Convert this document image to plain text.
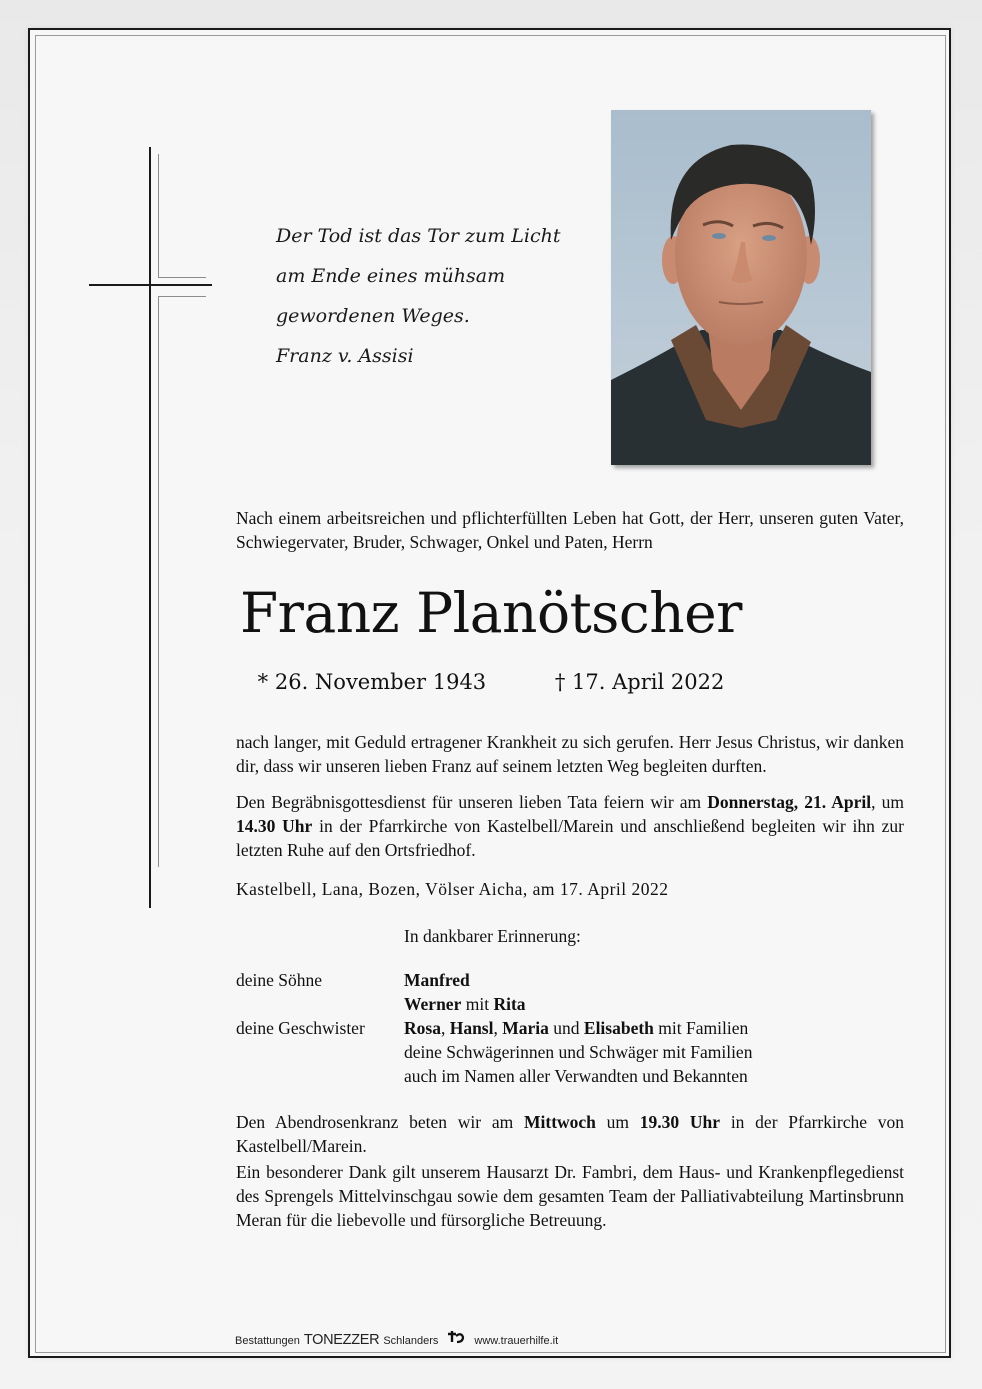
Der Tod ist das Tor zum Licht
am Ende eines mühsam
gewordenen Weges.
Franz v. Assisi
Nach einem arbeitsreichen und pflichterfüllten Leben hat Gott, der Herr, unseren guten Vater, Schwiegervater, Bruder, Schwager, Onkel und Paten, Herrn
Franz Planötscher
* 26. November 1943	† 17. April 2022
nach langer, mit Geduld ertragener Krankheit zu sich gerufen. Herr Jesus Christus, wir danken dir, dass wir unseren lieben Franz auf seinem letzten Weg begleiten durften.
Den Begräbnisgottesdienst für unseren lieben Tata feiern wir am Donnerstag, 21. April, um 14.30 Uhr in der Pfarrkirche von Kastelbell/Marein und anschließend begleiten wir ihn zur letzten Ruhe auf den Ortsfriedhof.
Kastelbell, Lana, Bozen, Völser Aicha, am 17. April 2022
In dankbarer Erinnerung:
deine Söhne	Manfred
Werner mit Rita
deine Geschwister	Rosa, Hansl, Maria und Elisabeth mit Familien
deine Schwägerinnen und Schwäger mit Familien
auch im Namen aller Verwandten und Bekannten
Den Abendrosenkranz beten wir am Mittwoch um 19.30 Uhr in der Pfarrkirche von Kastelbell/Marein.
Ein besonderer Dank gilt unserem Hausarzt Dr. Fambri, dem Haus- und Krankenpflegedienst des Sprengels Mittelvinschgau sowie dem gesamten Team der Palliativabteilung Martinsbrunn Meran für die liebevolle und fürsorgliche Betreuung.
Bestattungen TONEZZER Schlanders	www.trauerhilfe.it
